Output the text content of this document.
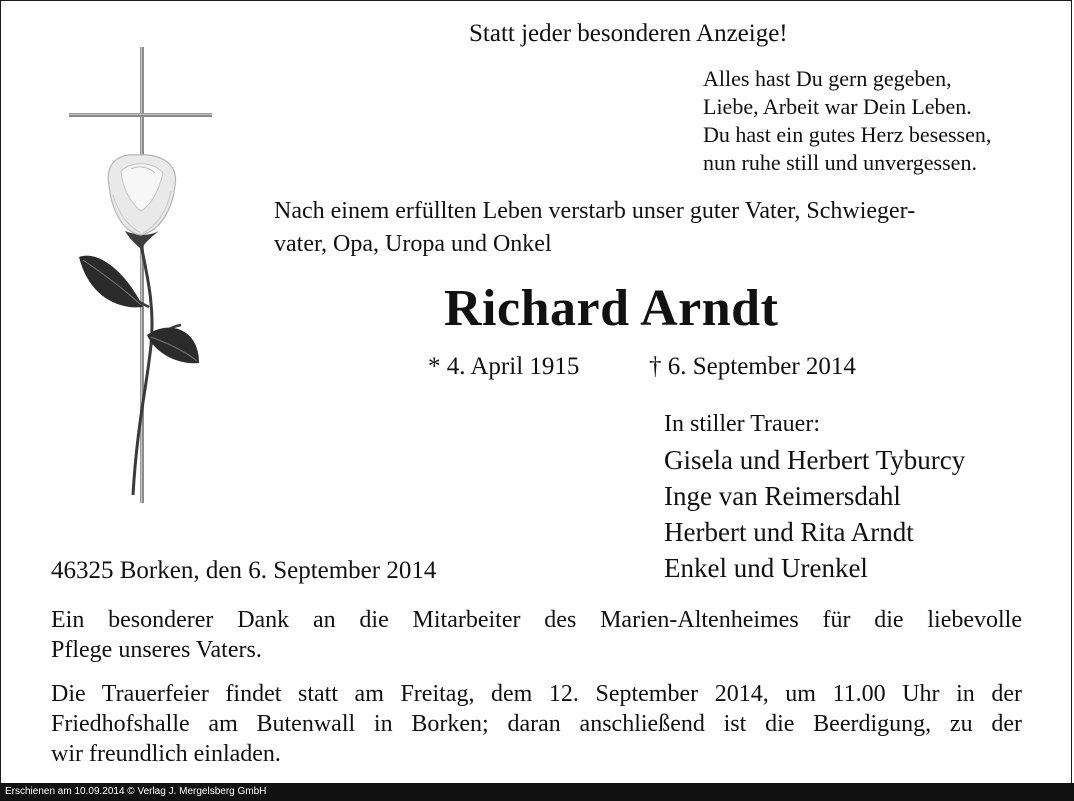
Statt jeder besonderen Anzeige!
Alles hast Du gern gegeben,
Liebe, Arbeit war Dein Leben.
Du hast ein gutes Herz besessen,
nun ruhe still und unvergessen.
Nach einem erfüllten Leben verstarb unser guter Vater, Schwieger-
vater, Opa, Uropa und Onkel
Richard Arndt
* 4. April 1915	† 6. September 2014
In stiller Trauer:
Gisela und Herbert Tyburcy
Inge van Reimersdahl
Herbert und Rita Arndt
Enkel und Urenkel
46325 Borken, den 6. September 2014
Ein besonderer Dank an die Mitarbeiter des Marien-Altenheimes für die liebevolle
Pflege unseres Vaters.
Die Trauerfeier findet statt am Freitag, dem 12. September 2014, um 11.00 Uhr in der
Friedhofshalle am Butenwall in Borken; daran anschließend ist die Beerdigung, zu der
wir freundlich einladen.
Erschienen am 10.09.2014 © Verlag J. Mergelsberg GmbH
